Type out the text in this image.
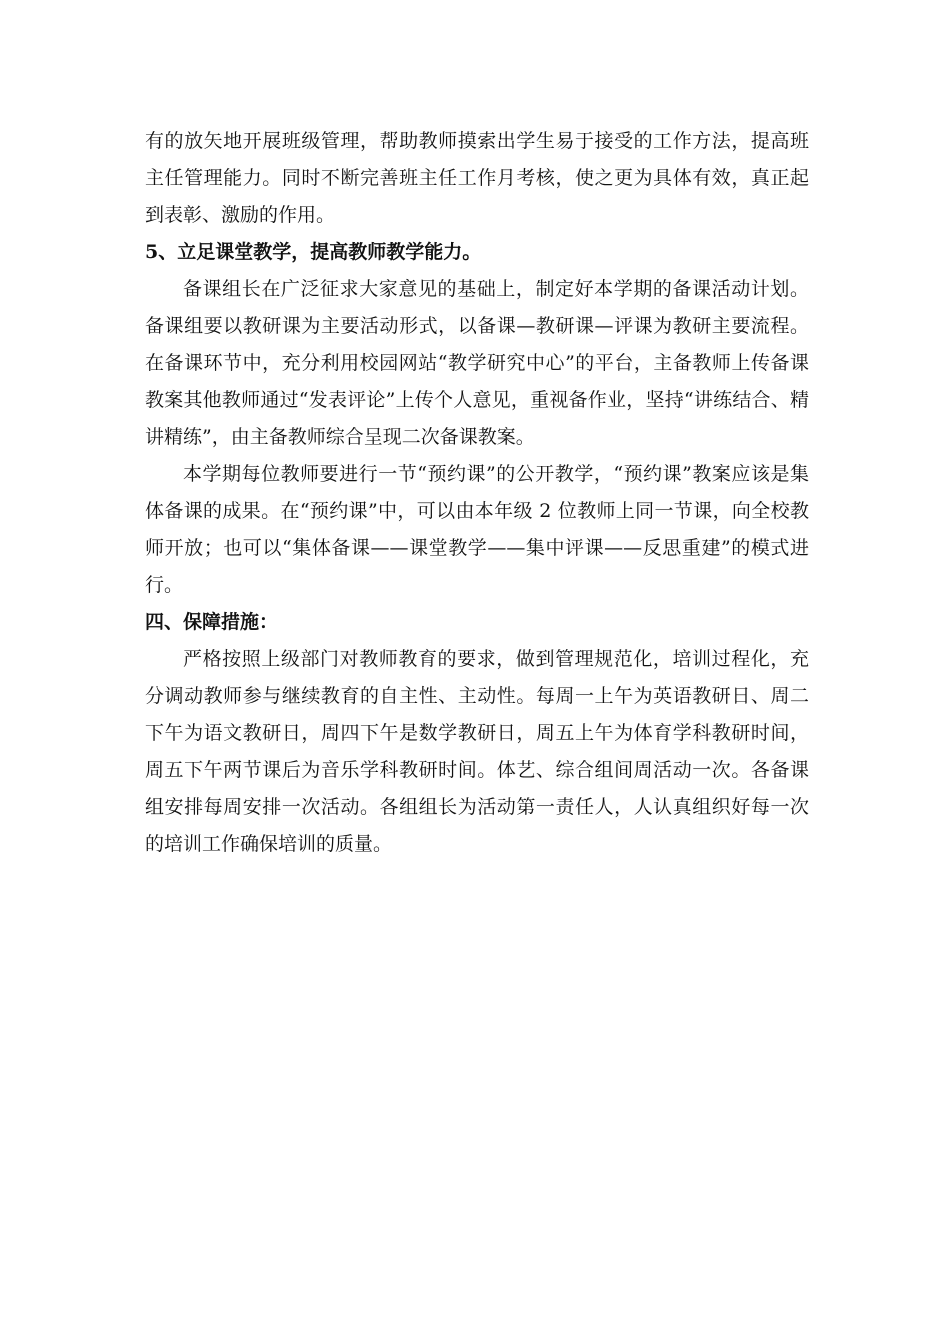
有的放矢地开展班级管理，帮助教师摸索出学生易于接受的工作方法，提高班主任管理能力。同时不断完善班主任工作月考核，使之更为具体有效，真正起到表彰、激励的作用。

5、立足课堂教学，提高教师教学能力。

备课组长在广泛征求大家意见的基础上，制定好本学期的备课活动计划。备课组要以教研课为主要活动形式，以备课—教研课—评课为教研主要流程。在备课环节中，充分利用校园网站“教学研究中心”的平台，主备教师上传备课教案其他教师通过“发表评论”上传个人意见，重视备作业，坚持“讲练结合、精讲精练”，由主备教师综合呈现二次备课教案。

本学期每位教师要进行一节“预约课”的公开教学，“预约课”教案应该是集体备课的成果。在“预约课”中，可以由本年级 2 位教师上同一节课，向全校教师开放；也可以“集体备课——课堂教学——集中评课——反思重建”的模式进行。

四、保障措施：

严格按照上级部门对教师教育的要求，做到管理规范化，培训过程化，充分调动教师参与继续教育的自主性、主动性。每周一上午为英语教研日、周二下午为语文教研日，周四下午是数学教研日，周五上午为体育学科教研时间，周五下午两节课后为音乐学科教研时间。体艺、综合组间周活动一次。各备课组安排每周安排一次活动。各组组长为活动第一责任人，人认真组织好每一次的培训工作确保培训的质量。
